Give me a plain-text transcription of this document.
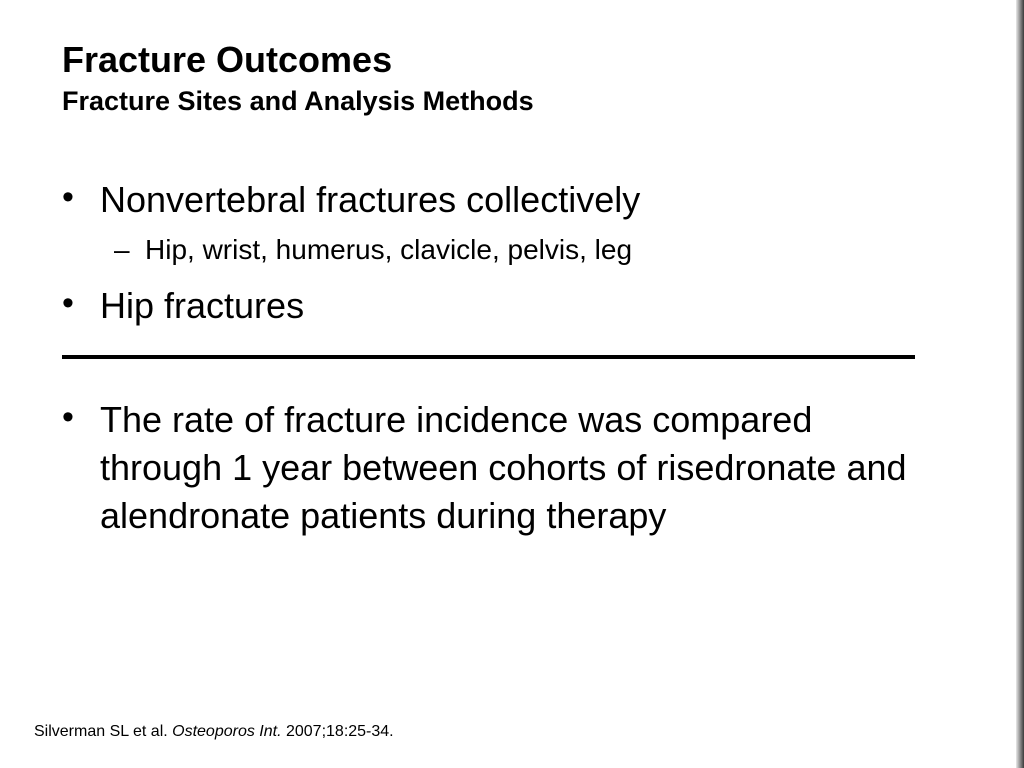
Fracture Outcomes
Fracture Sites and Analysis Methods
• Nonvertebral fractures collectively
– Hip, wrist, humerus, clavicle, pelvis, leg
• Hip fractures
• The rate of fracture incidence was compared through 1 year between cohorts of risedronate and alendronate patients during therapy
Silverman SL et al. Osteoporos Int. 2007;18:25-34.
